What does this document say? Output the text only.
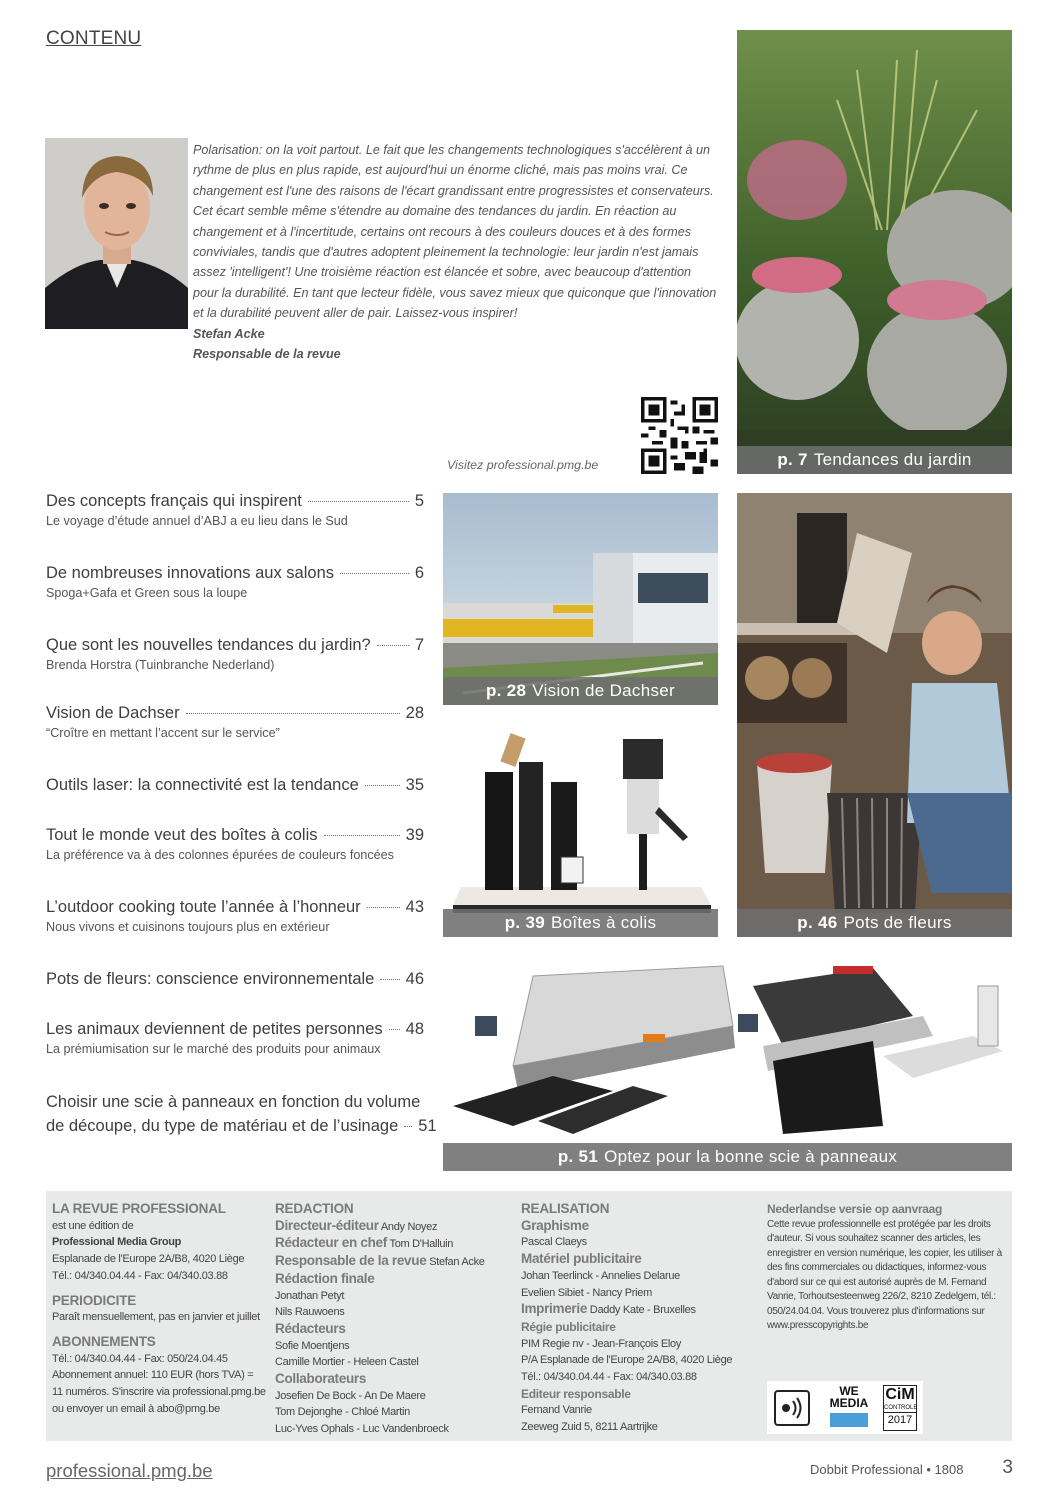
CONTENU
Polarisation: on la voit partout. Le fait que les changements technologiques s'accélèrent à un rythme de plus en plus rapide, est aujourd'hui un énorme cliché, mais pas moins vrai. Ce changement est l'une des raisons de l'écart grandissant entre progressistes et conservateurs. Cet écart semble même s'étendre au domaine des tendances du jardin. En réaction au changement et à l'incertitude, certains ont recours à des couleurs douces et à des formes conviviales, tandis que d'autres adoptent pleinement la technologie: leur jardin n'est jamais assez 'intelligent'! Une troisième réaction est élancée et sobre, avec beaucoup d'attention pour la durabilité. En tant que lecteur fidèle, vous savez mieux que quiconque que l'innovation et la durabilité peuvent aller de pair. Laissez-vous inspirer!
Stefan Acke
Responsable de la revue
Visitez professional.pmg.be	p. 7 Tendances du jardin
p. 28 Vision de Dachser
p. 46 Pots de fleurs
p. 39 Boîtes à colis
p. 51 Optez pour la bonne scie à panneaux
Des concepts français qui inspirent	5
Le voyage d’étude annuel d’ABJ a eu lieu dans le Sud
De nombreuses innovations aux salons	6
Spoga+Gafa et Green sous la loupe
Que sont les nouvelles tendances du jardin?	7
Brenda Horstra (Tuinbranche Nederland)
Vision de Dachser	28
“Croître en mettant l’accent sur le service”
Outils laser: la connectivité est la tendance	35
Tout le monde veut des boîtes à colis	39
La préférence va à des colonnes épurées de couleurs foncées
L’outdoor cooking toute l’année à l’honneur	43
Nous vivons et cuisinons toujours plus en extérieur
Pots de fleurs: conscience environnementale 46
Les animaux deviennent de petites personnes 48
La prémiumisation sur le marché des produits pour animaux
Choisir une scie à panneaux en fonction du volume
de découpe, du type de matériau et de l’usinage 51
LA REVUE PROFESSIONAL
est une édition de
Professional Media Group
Esplanade de l'Europe 2A/B8, 4020 Liège
Tél.: 04/340.04.44 - Fax: 04/340.03.88
PERIODICITE
Paraît mensuellement, pas en janvier et juillet
ABONNEMENTS
Tél.: 04/340.04.44 - Fax: 050/24.04.45
Abonnement annuel: 110 EUR (hors TVA) =
11 numéros. S'inscrire via professional.pmg.be
ou envoyer un email à abo@pmg.be
REDACTION
Directeur-éditeur Andy Noyez
Rédacteur en chef Tom D'Halluin
Responsable de la revue Stefan Acke
Rédaction finale
Jonathan Petyt
Nils Rauwoens
Rédacteurs
Sofie Moentjens
Camille Mortier - Heleen Castel
Collaborateurs
Josefien De Bock - An De Maere
Tom Dejonghe - Chloé Martin
Luc-Yves Ophals - Luc Vandenbroeck
REALISATION
Graphisme
Pascal Claeys
Matériel publicitaire
Johan Teerlinck - Annelies Delarue
Evelien Sibiet - Nancy Priem
Imprimerie Daddy Kate - Bruxelles
Régie publicitaire
PIM Regie nv - Jean-François Eloy
P/A Esplanade de l'Europe 2A/B8, 4020 Liège
Tél.: 04/340.04.44 - Fax: 04/340.03.88
Editeur responsable
Fernand Vanrie
Zeeweg Zuid 5, 8211 Aartrijke
Nederlandse versie op aanvraag
Cette revue professionnelle est protégée par les droits d'auteur. Si vous souhaitez scanner des articles, les enregistrer en version numérique, les copier, les utiliser à des fins commerciales ou didactiques, informez-vous d'abord sur ce qui est autorisé auprès de M. Fernand Vanrie, Torhoutsesteenweg 226/2, 8210 Zedelgem, tél.: 050/24.04.04. Vous trouverez plus d'informations sur www.presscopyrights.be
WE
MEDIA	CiM
CONTROLE
2017
professional.pmg.be	Dobbit Professional • 1808 3
